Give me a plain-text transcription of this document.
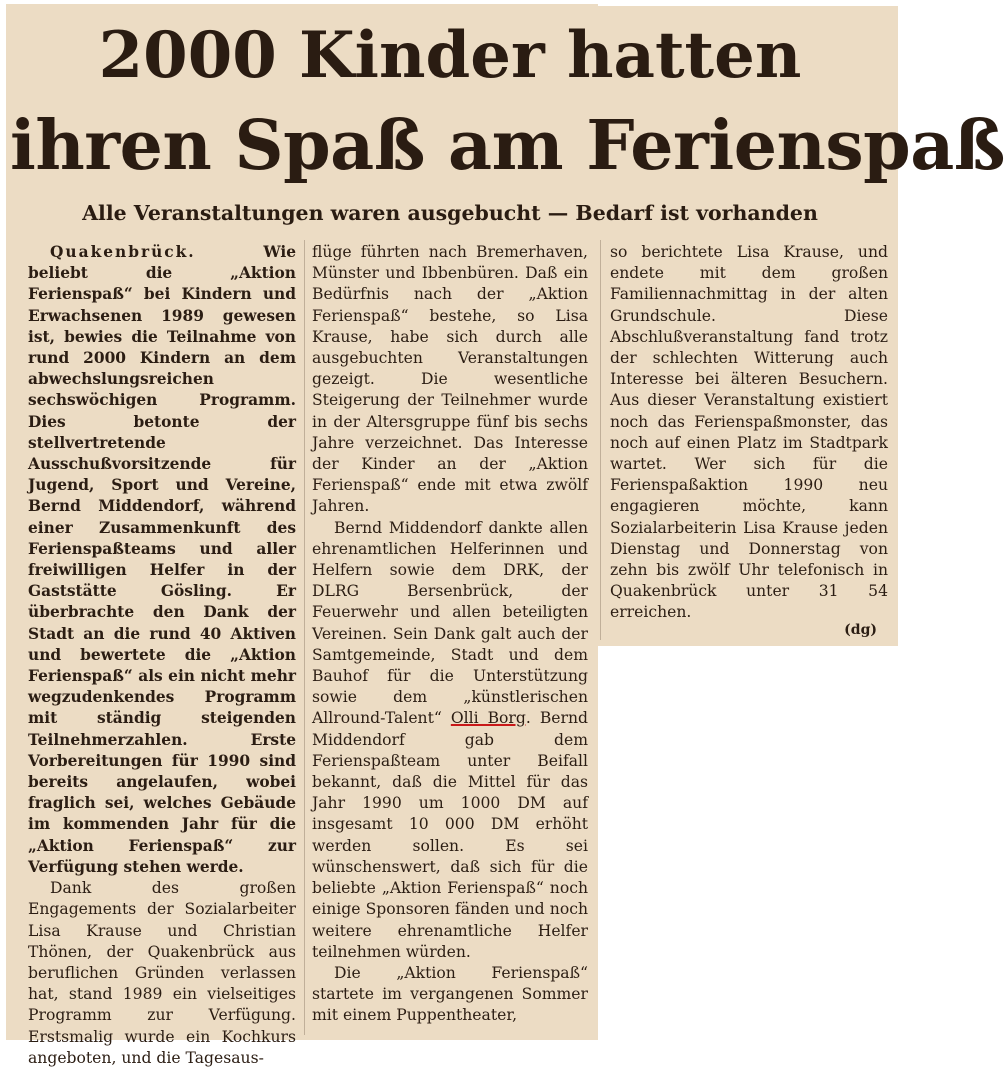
2000 Kinder hatten
ihren Spaß am Ferienspaß
Alle Veranstaltungen waren ausgebucht — Bedarf ist vorhanden

Quakenbrück. Wie beliebt die „Aktion Ferienspaß“ bei Kindern und Erwachsenen 1989 gewesen ist, bewies die Teilnahme von rund 2000 Kindern an dem abwechslungsreichen sechswöchigen Programm. Dies betonte der stellvertretende Ausschußvorsitzende für Jugend, Sport und Vereine, Bernd Middendorf, während einer Zusammenkunft des Ferienspaßteams und aller freiwilligen Helfer in der Gaststätte Gösling. Er überbrachte den Dank der Stadt an die rund 40 Aktiven und bewertete die „Aktion Ferienspaß“ als ein nicht mehr wegzudenkendes Programm mit ständig steigenden Teilnehmerzahlen. Erste Vorbereitungen für 1990 sind bereits angelaufen, wobei fraglich sei, welches Gebäude im kommenden Jahr für die „Aktion Ferienspaß“ zur Verfügung stehen werde.

Dank des großen Engagements der Sozialarbeiter Lisa Krause und Christian Thönen, der Quakenbrück aus beruflichen Gründen verlassen hat, stand 1989 ein vielseitiges Programm zur Verfügung. Erstsmalig wurde ein Kochkurs angeboten, und die Tagesaus-

flüge führten nach Bremerhaven, Münster und Ibbenbüren. Daß ein Bedürfnis nach der „Aktion Ferienspaß“ bestehe, so Lisa Krause, habe sich durch alle ausgebuchten Veranstaltungen gezeigt. Die wesentliche Steigerung der Teilnehmer wurde in der Altersgruppe fünf bis sechs Jahre verzeichnet. Das Interesse der Kinder an der „Aktion Ferienspaß“ ende mit etwa zwölf Jahren.

Bernd Middendorf dankte allen ehrenamtlichen Helferinnen und Helfern sowie dem DRK, der DLRG Bersenbrück, der Feuerwehr und allen beteiligten Vereinen. Sein Dank galt auch der Samtgemeinde, Stadt und dem Bauhof für die Unterstützung sowie dem „künstlerischen Allround-Talent“ Olli Borg. Bernd Middendorf gab dem Ferienspaßteam unter Beifall bekannt, daß die Mittel für das Jahr 1990 um 1000 DM auf insgesamt 10 000 DM erhöht werden sollen. Es sei wünschenswert, daß sich für die beliebte „Aktion Ferienspaß“ noch einige Sponsoren fänden und noch weitere ehrenamtliche Helfer teilnehmen würden.

Die „Aktion Ferienspaß“ startete im vergangenen Sommer mit einem Puppentheater,

so berichtete Lisa Krause, und endete mit dem großen Familiennachmittag in der alten Grundschule. Diese Abschlußveranstaltung fand trotz der schlechten Witterung auch Interesse bei älteren Besuchern. Aus dieser Veranstaltung existiert noch das Ferienspaßmonster, das noch auf einen Platz im Stadtpark wartet. Wer sich für die Ferienspaßaktion 1990 neu engagieren möchte, kann Sozialarbeiterin Lisa Krause jeden Dienstag und Donnerstag von zehn bis zwölf Uhr telefonisch in Quakenbrück unter 31 54 erreichen.

(dg)
